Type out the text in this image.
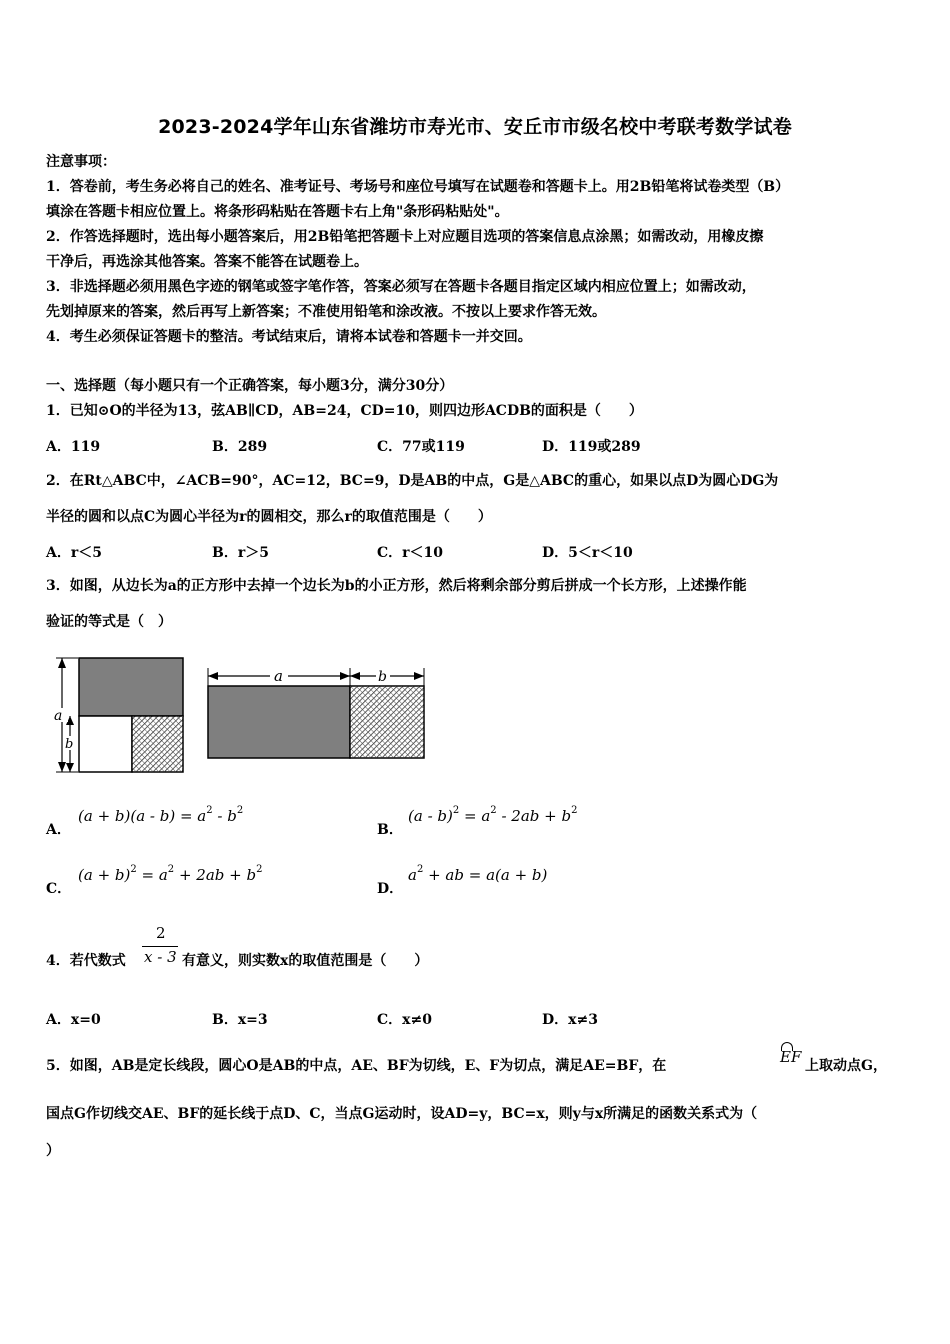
2023-2024学年山东省潍坊市寿光市、安丘市市级名校中考联考数学试卷
注意事项：
1．答卷前，考生务必将自己的姓名、准考证号、考场号和座位号填写在试题卷和答题卡上。用2B铅笔将试卷类型（B）
填涂在答题卡相应位置上。将条形码粘贴在答题卡右上角"条形码粘贴处"。
2．作答选择题时，选出每小题答案后，用2B铅笔把答题卡上对应题目选项的答案信息点涂黑；如需改动，用橡皮擦
干净后，再选涂其他答案。答案不能答在试题卷上。
3．非选择题必须用黑色字迹的钢笔或签字笔作答，答案必须写在答题卡各题目指定区域内相应位置上；如需改动，
先划掉原来的答案，然后再写上新答案；不准使用铅笔和涂改液。不按以上要求作答无效。
4．考生必须保证答题卡的整洁。考试结束后，请将本试卷和答题卡一并交回。
一、选择题（每小题只有一个正确答案，每小题3分，满分30分）
1．已知⊙O的半径为13，弦AB∥CD，AB=24，CD=10，则四边形ACDB的面积是（　　）
A．119	B．289	C．77或119	D．119或289
2．在Rt△ABC中，∠ACB=90°，AC=12，BC=9，D是AB的中点，G是△ABC的重心，如果以点D为圆心DG为
半径的圆和以点C为圆心半径为r的圆相交，那么r的取值范围是（　　）
A．r＜5	B．r＞5	C．r＜10	D．5＜r＜10
3．如图，从边长为a的正方形中去掉一个边长为b的小正方形，然后将剩余部分剪后拼成一个长方形，上述操作能
验证的等式是（　）
a
b
a	b
A．
$(a + b)(a - b) = a^2 - b^2$
B．
$(a - b)^2 = a^2 - 2ab + b^2$
C．
$(a + b)^2 = a^2 + 2ab + b^2$
D．
$a^2$ + ab = a(a + b)
4．若代数式
2
x - 3 有意义，则实数x的取值范围是（　　）
A．x=0	B．x=3	C．x≠0	D．x≠3
5．如图，AB是定长线段，圆心O是AB的中点，AE、BF为切线，E、F为切点，满足AE=BF，在	EF 上取动点G，
国点G作切线交AE、BF的延长线于点D、C，当点G运动时，设AD=y，BC=x，则y与x所满足的函数关系式为（
）
